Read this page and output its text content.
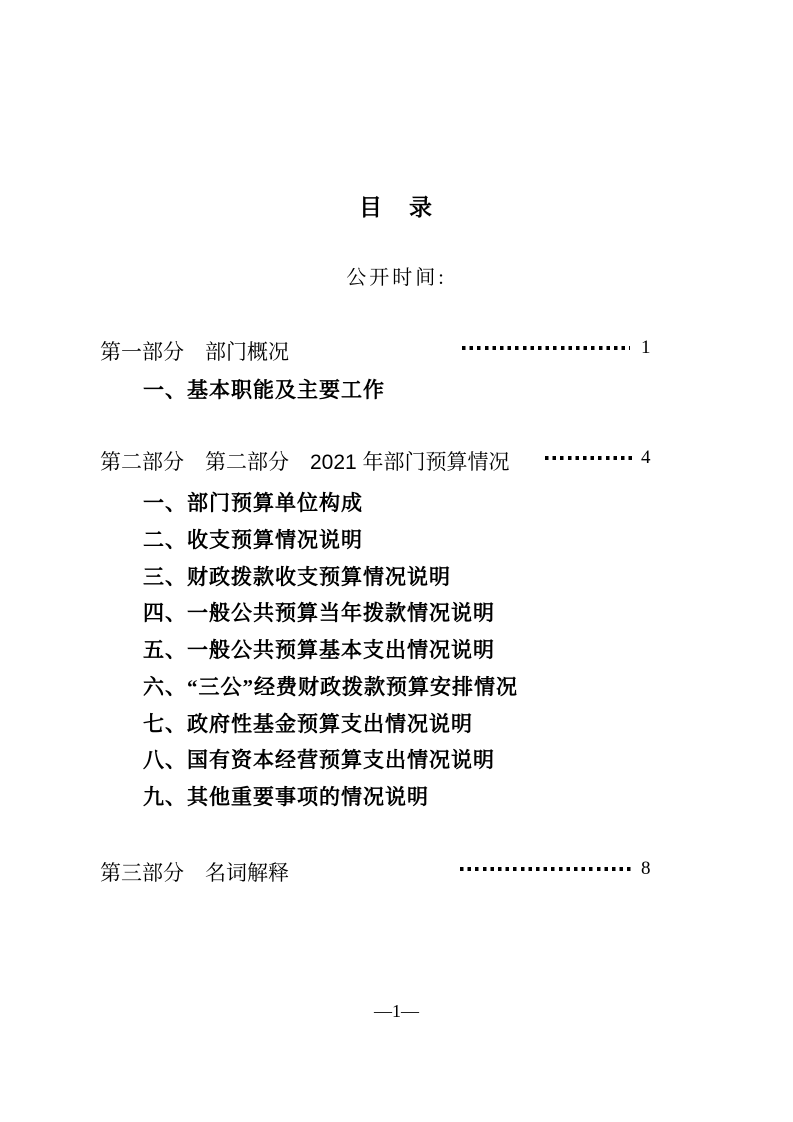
目　录
公开时间:
第一部分　部门概况	1
一、基本职能及主要工作
第二部分　第二部分　2021 年部门预算情况	4
一、部门预算单位构成
二、收支预算情况说明
三、财政拨款收支预算情况说明
四、一般公共预算当年拨款情况说明
五、一般公共预算基本支出情况说明
六、“三公”经费财政拨款预算安排情况
七、政府性基金预算支出情况说明
八、国有资本经营预算支出情况说明
九、其他重要事项的情况说明
第三部分　名词解释	8
—1—
